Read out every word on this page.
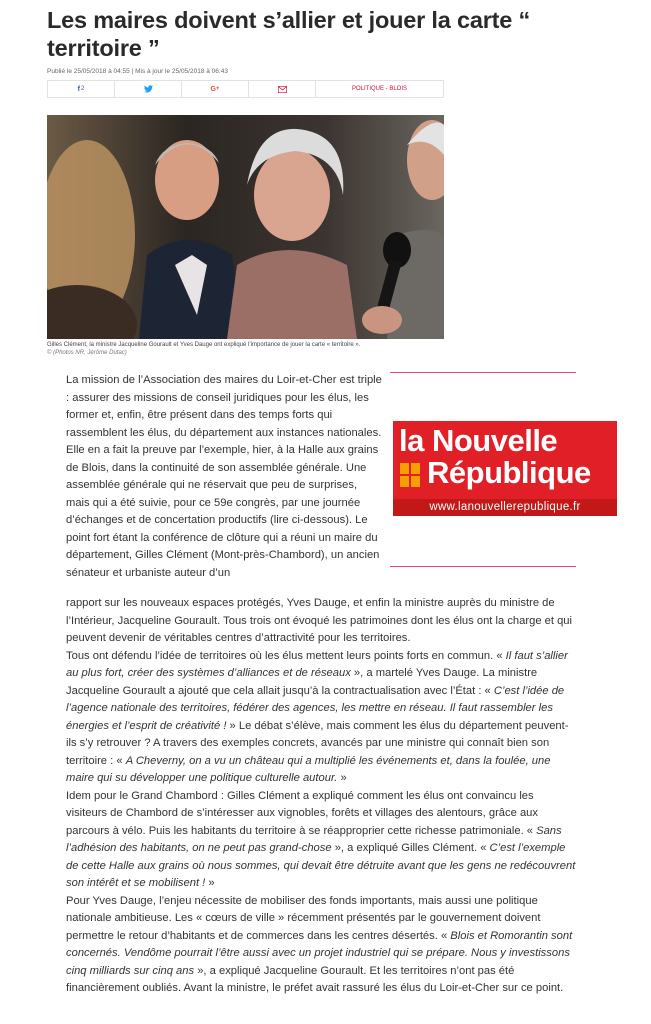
Les maires doivent s’allier et jouer la carte “ territoire ”
Publié le 25/05/2018 à 04:55 | Mis à jour le 25/05/2018 à 06:43
f 2	G +	POLITIQUE - BLOIS
Gilles Clément, la ministre Jacqueline Gourault et Yves Dauge ont expliqué l’importance de jouer la carte « territoire ».
© (Photos NR, Jérôme Dutac)
la Nouvelle
République
www.lanouvellerepublique.fr

La mission de l’Association des maires du Loir-et-Cher est triple : assurer des missions de conseil juridiques pour les élus, les former et, enfin, être présent dans des temps forts qui rassemblent les élus, du département aux instances nationales. Elle en a fait la preuve par l’exemple, hier, à la Halle aux grains de Blois, dans la continuité de son assemblée générale. Une assemblée générale qui ne réservait que peu de surprises, mais qui a été suivie, pour ce 59e congrès, par une journée d’échanges et de concertation productifs (lire ci-dessous). Le point fort étant la conférence de clôture qui a réuni un maire du département, Gilles Clément (Mont-près-Chambord), un ancien sénateur et urbaniste auteur d’un

rapport sur les nouveaux espaces protégés, Yves Dauge, et enfin la ministre auprès du ministre de l’Intérieur, Jacqueline Gourault. Tous trois ont évoqué les patrimoines dont les élus ont la charge et qui peuvent devenir de véritables centres d’attractivité pour les territoires.

Tous ont défendu l’idée de territoires où les élus mettent leurs points forts en commun. « Il faut s’allier au plus fort, créer des systèmes d’alliances et de réseaux », a martelé Yves Dauge. La ministre Jacqueline Gourault a ajouté que cela allait jusqu’à la contractualisation avec l’État : « C’est l’idée de l’agence nationale des territoires, fédérer des agences, les mettre en réseau. Il faut rassembler les énergies et l’esprit de créativité ! » Le débat s’élève, mais comment les élus du département peuvent-ils s’y retrouver ? A travers des exemples concrets, avancés par une ministre qui connaît bien son territoire : « A Cheverny, on a vu un château qui a multiplié les événements et, dans la foulée, une maire qui su développer une politique culturelle autour. »

Idem pour le Grand Chambord : Gilles Clément a expliqué comment les élus ont convaincu les visiteurs de Chambord de s’intéresser aux vignobles, forêts et villages des alentours, grâce aux parcours à vélo. Puis les habitants du territoire à se réapproprier cette richesse patrimoniale. « Sans l’adhésion des habitants, on ne peut pas grand-chose », a expliqué Gilles Clément. « C’est l’exemple de cette Halle aux grains où nous sommes, qui devait être détruite avant que les gens ne redécouvrent son intérêt et se mobilisent ! »

Pour Yves Dauge, l’enjeu nécessite de mobiliser des fonds importants, mais aussi une politique nationale ambitieuse. Les « cœurs de ville » récemment présentés par le gouvernement doivent permettre le retour d’habitants et de commerces dans les centres désertés. « Blois et Romorantin sont concernés. Vendôme pourrait l’être aussi avec un projet industriel qui se prépare. Nous y investissons cinq milliards sur cinq ans », a expliqué Jacqueline Gourault. Et les territoires n’ont pas été financièrement oubliés. Avant la ministre, le préfet avait rassuré les élus du Loir-et-Cher sur ce point.
